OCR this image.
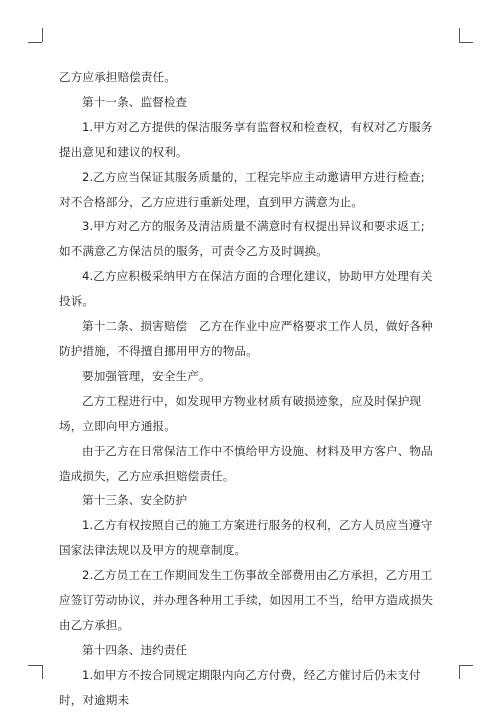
乙方应承担赔偿责任。

第十一条、监督检查

1.甲方对乙方提供的保洁服务享有监督权和检查权，有权对乙方服务提出意见和建议的权利。

2.乙方应当保证其服务质量的，工程完毕应主动邀请甲方进行检查;

对不合格部分，乙方应进行重新处理，直到甲方满意为止。

3.甲方对乙方的服务及清洁质量不满意时有权提出异议和要求返工;

如不满意乙方保洁员的服务，可责令乙方及时调换。

4.乙方应积极采纳甲方在保洁方面的合理化建议，协助甲方处理有关投诉。

第十二条、损害赔偿　乙方在作业中应严格要求工作人员，做好各种防护措施，不得擅自挪用甲方的物品。

要加强管理，安全生产。

乙方工程进行中，如发现甲方物业材质有破损迹象，应及时保护现场，立即向甲方通报。

由于乙方在日常保洁工作中不慎给甲方设施、材料及甲方客户、物品造成损失，乙方应承担赔偿责任。

第十三条、安全防护

1.乙方有权按照自己的施工方案进行服务的权利，乙方人员应当遵守国家法律法规以及甲方的规章制度。

2.乙方员工在工作期间发生工伤事故全部费用由乙方承担，乙方用工应签订劳动协议，并办理各种用工手续，如因用工不当，给甲方造成损失由乙方承担。

第十四条、违约责任

1.如甲方不按合同规定期限内向乙方付费，经乙方催讨后仍未支付时，对逾期未
